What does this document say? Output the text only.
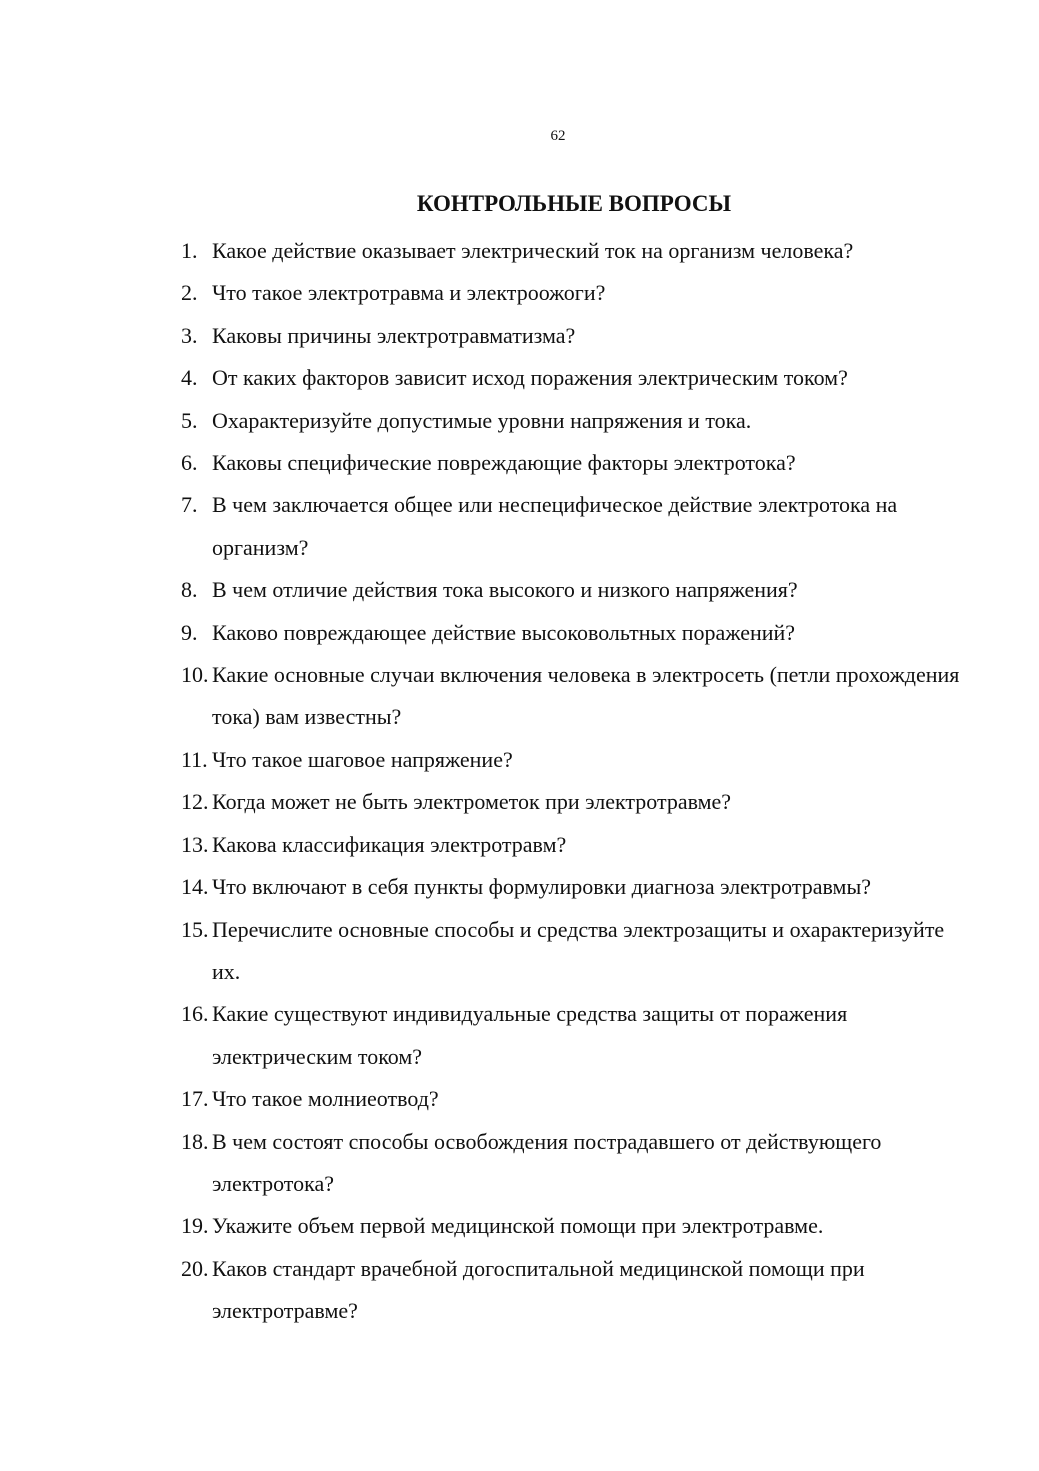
62
КОНТРОЛЬНЫЕ ВОПРОСЫ
1. Какое действие оказывает электрический ток на организм человека?
2. Что такое электротравма и электроожоги?
3. Каковы причины электротравматизма?
4. От каких факторов зависит исход поражения электрическим током?
5. Охарактеризуйте допустимые уровни напряжения и тока.
6. Каковы специфические повреждающие факторы электротока?
7. В чем заключается общее или неспецифическое действие электротока на организм?
8. В чем отличие действия тока высокого и низкого напряжения?
9. Каково повреждающее действие высоковольтных поражений?
10. Какие основные случаи включения человека в электросеть (петли прохождения тока) вам известны?
11. Что такое шаговое напряжение?
12. Когда может не быть электрометок при электротравме?
13. Какова классификация электротравм?
14. Что включают в себя пункты формулировки диагноза электротравмы?
15. Перечислите основные способы и средства электрозащиты и охарактеризуйте их.
16. Какие существуют индивидуальные средства защиты от поражения электрическим током?
17. Что такое молниеотвод?
18. В чем состоят способы освобождения пострадавшего от действующего электротока?
19. Укажите объем первой медицинской помощи при электротравме.
20. Каков стандарт врачебной догоспитальной медицинской помощи при электротравме?
